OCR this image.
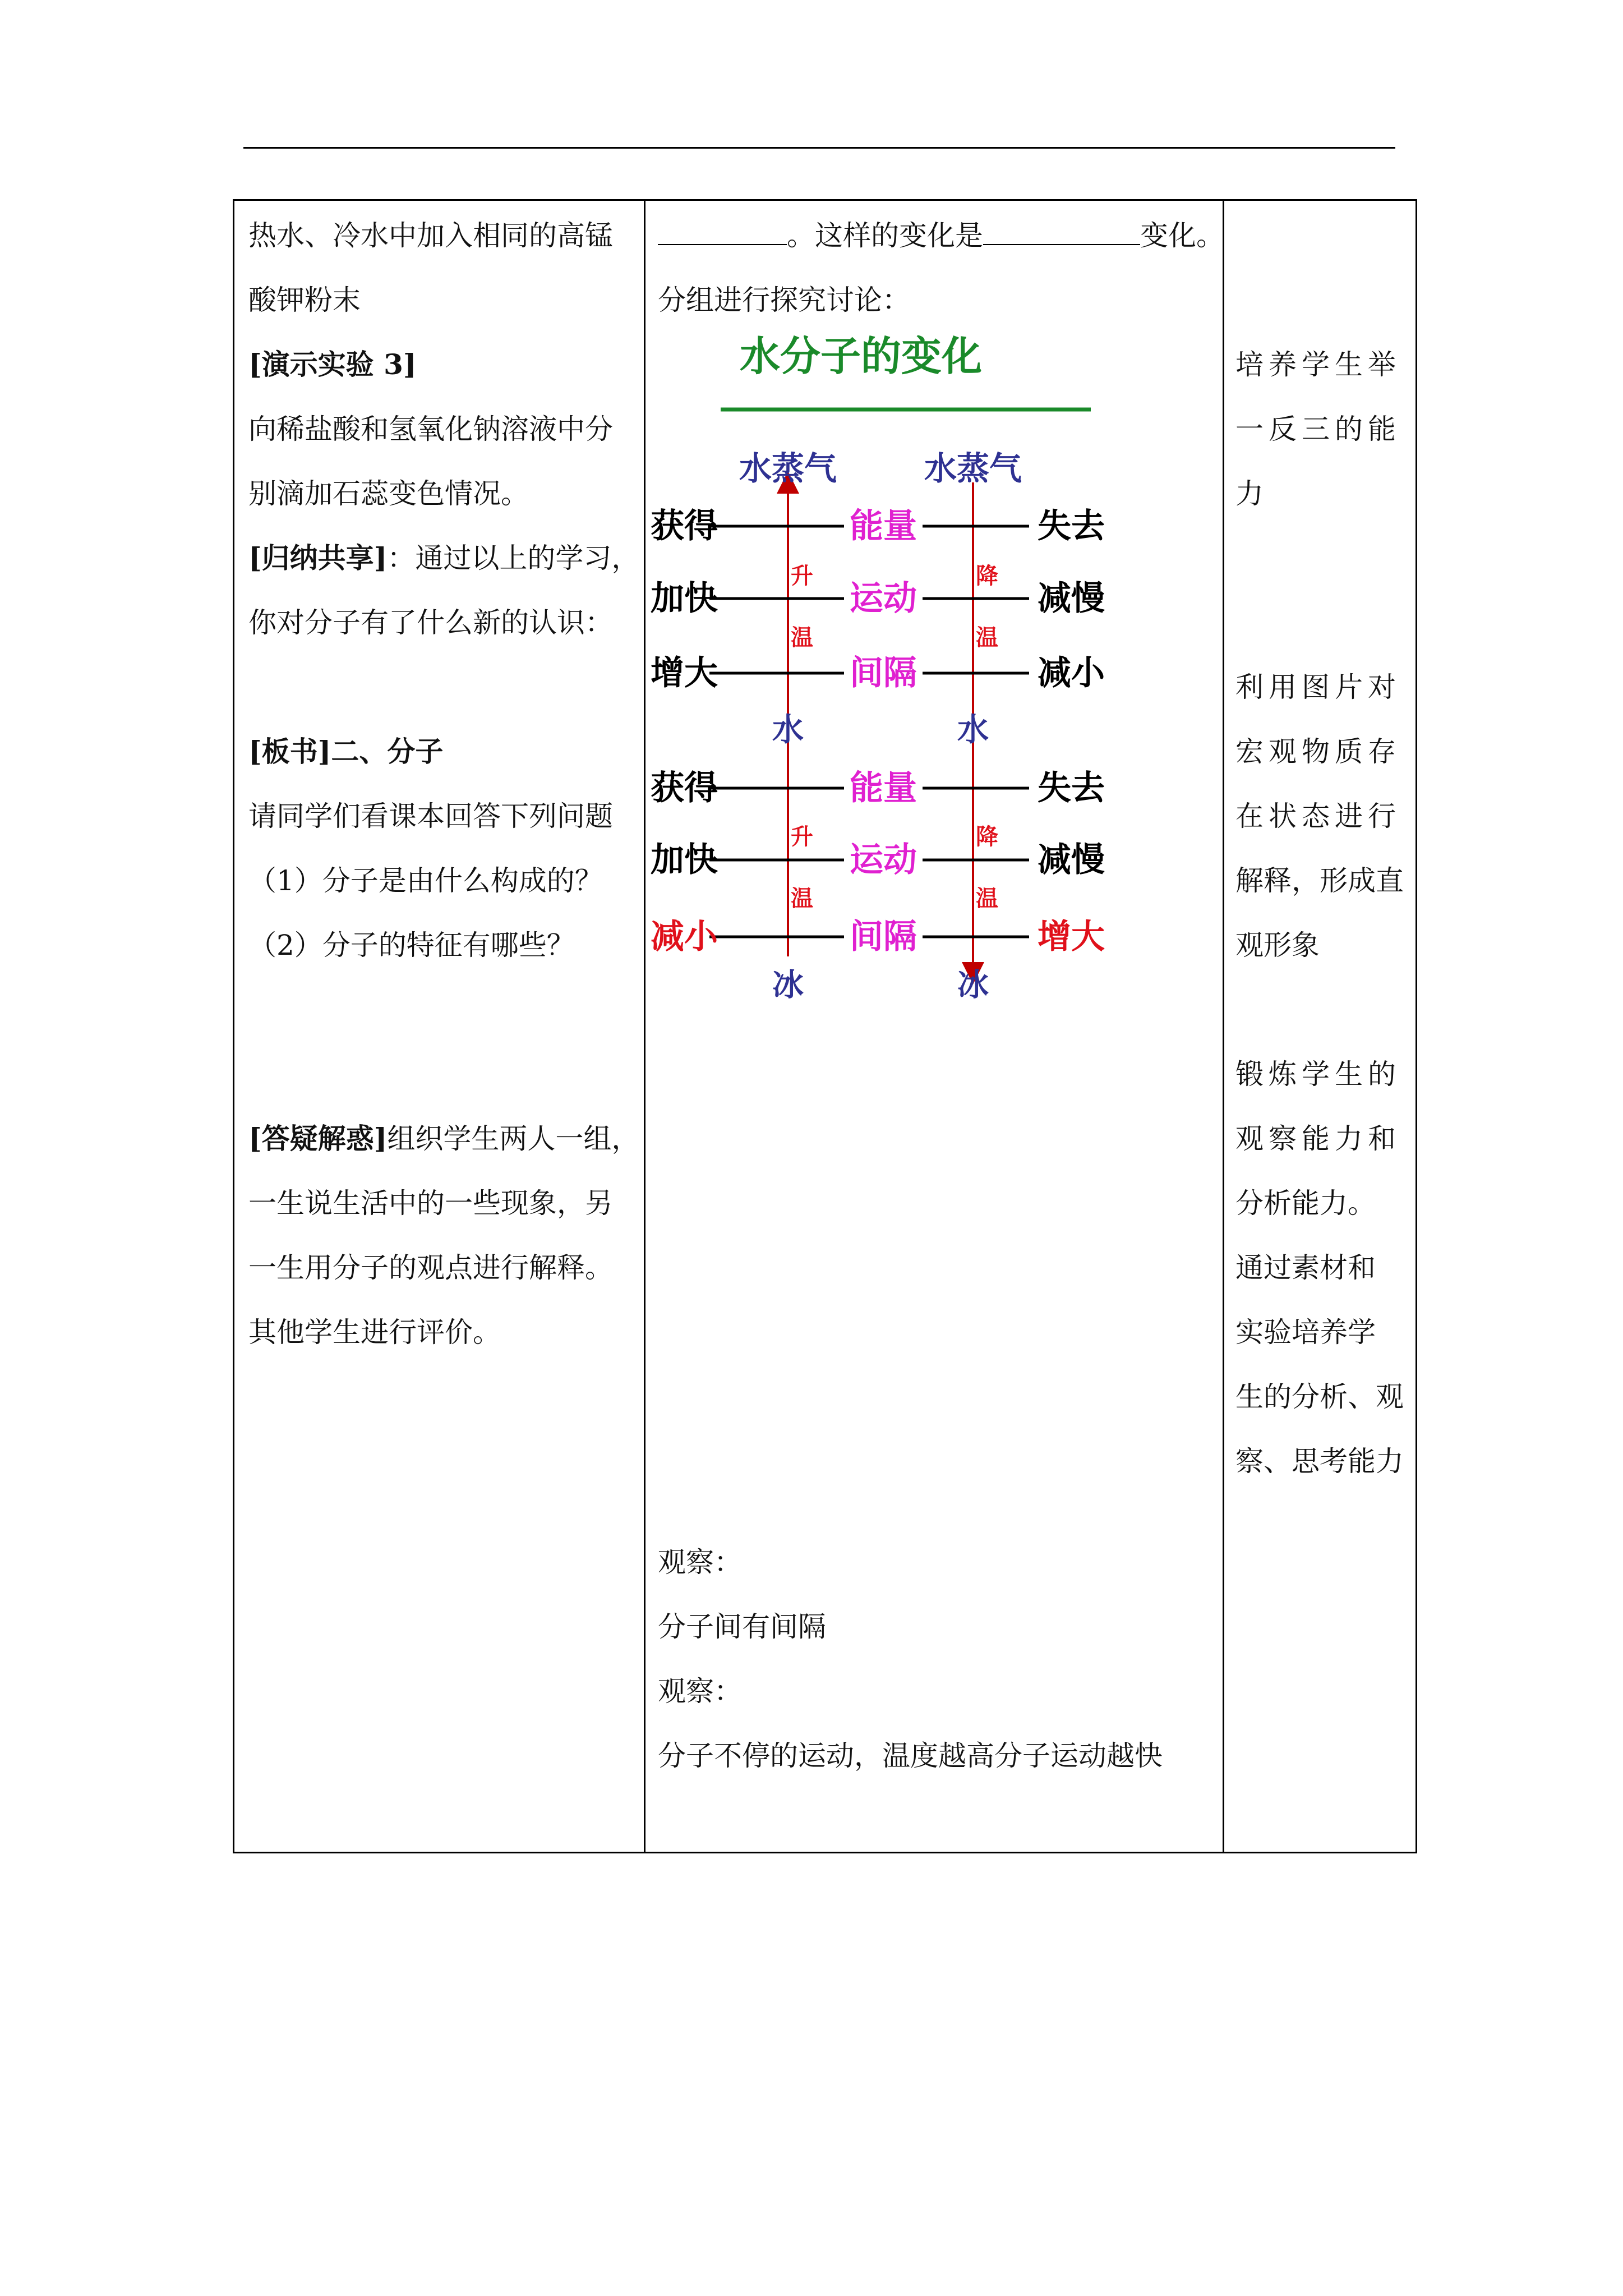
热水、冷水中加入相同的高锰
酸钾粉末
[演示实验 3]
向稀盐酸和氢氧化钠溶液中分
别滴加石蕊变色情况。
[归纳共享]：通过以上的学习，
你对分子有了什么新的认识：
[板书]二、分子
请同学们看课本回答下列问题
（1）分子是由什么构成的？
（2）分子的特征有哪些？
[答疑解惑]组织学生两人一组，
一生说生活中的一些现象，另
一生用分子的观点进行解释。
其他学生进行评价。
。这样的变化是	变化。
分组进行探究讨论：
观察：
分子间有间隔
观察：
分子不停的运动，温度越高分子运动越快
培养学生举
一反三的能
力
利用图片对
宏观物质存
在状态进行
解释，形成直
观形象
锻炼学生的
观察能力和
分析能力。
通过素材和
实验培养学
生的分析、观
察、思考能力
水分子的变化
水蒸气	水蒸气
水	水
冰	冰
升
温
降
温
升
温
降
温
获得	能量	失去
加快	运动	减慢
增大	间隔	减小
获得	能量	失去
加快	运动	减慢
减小	间隔	增大
